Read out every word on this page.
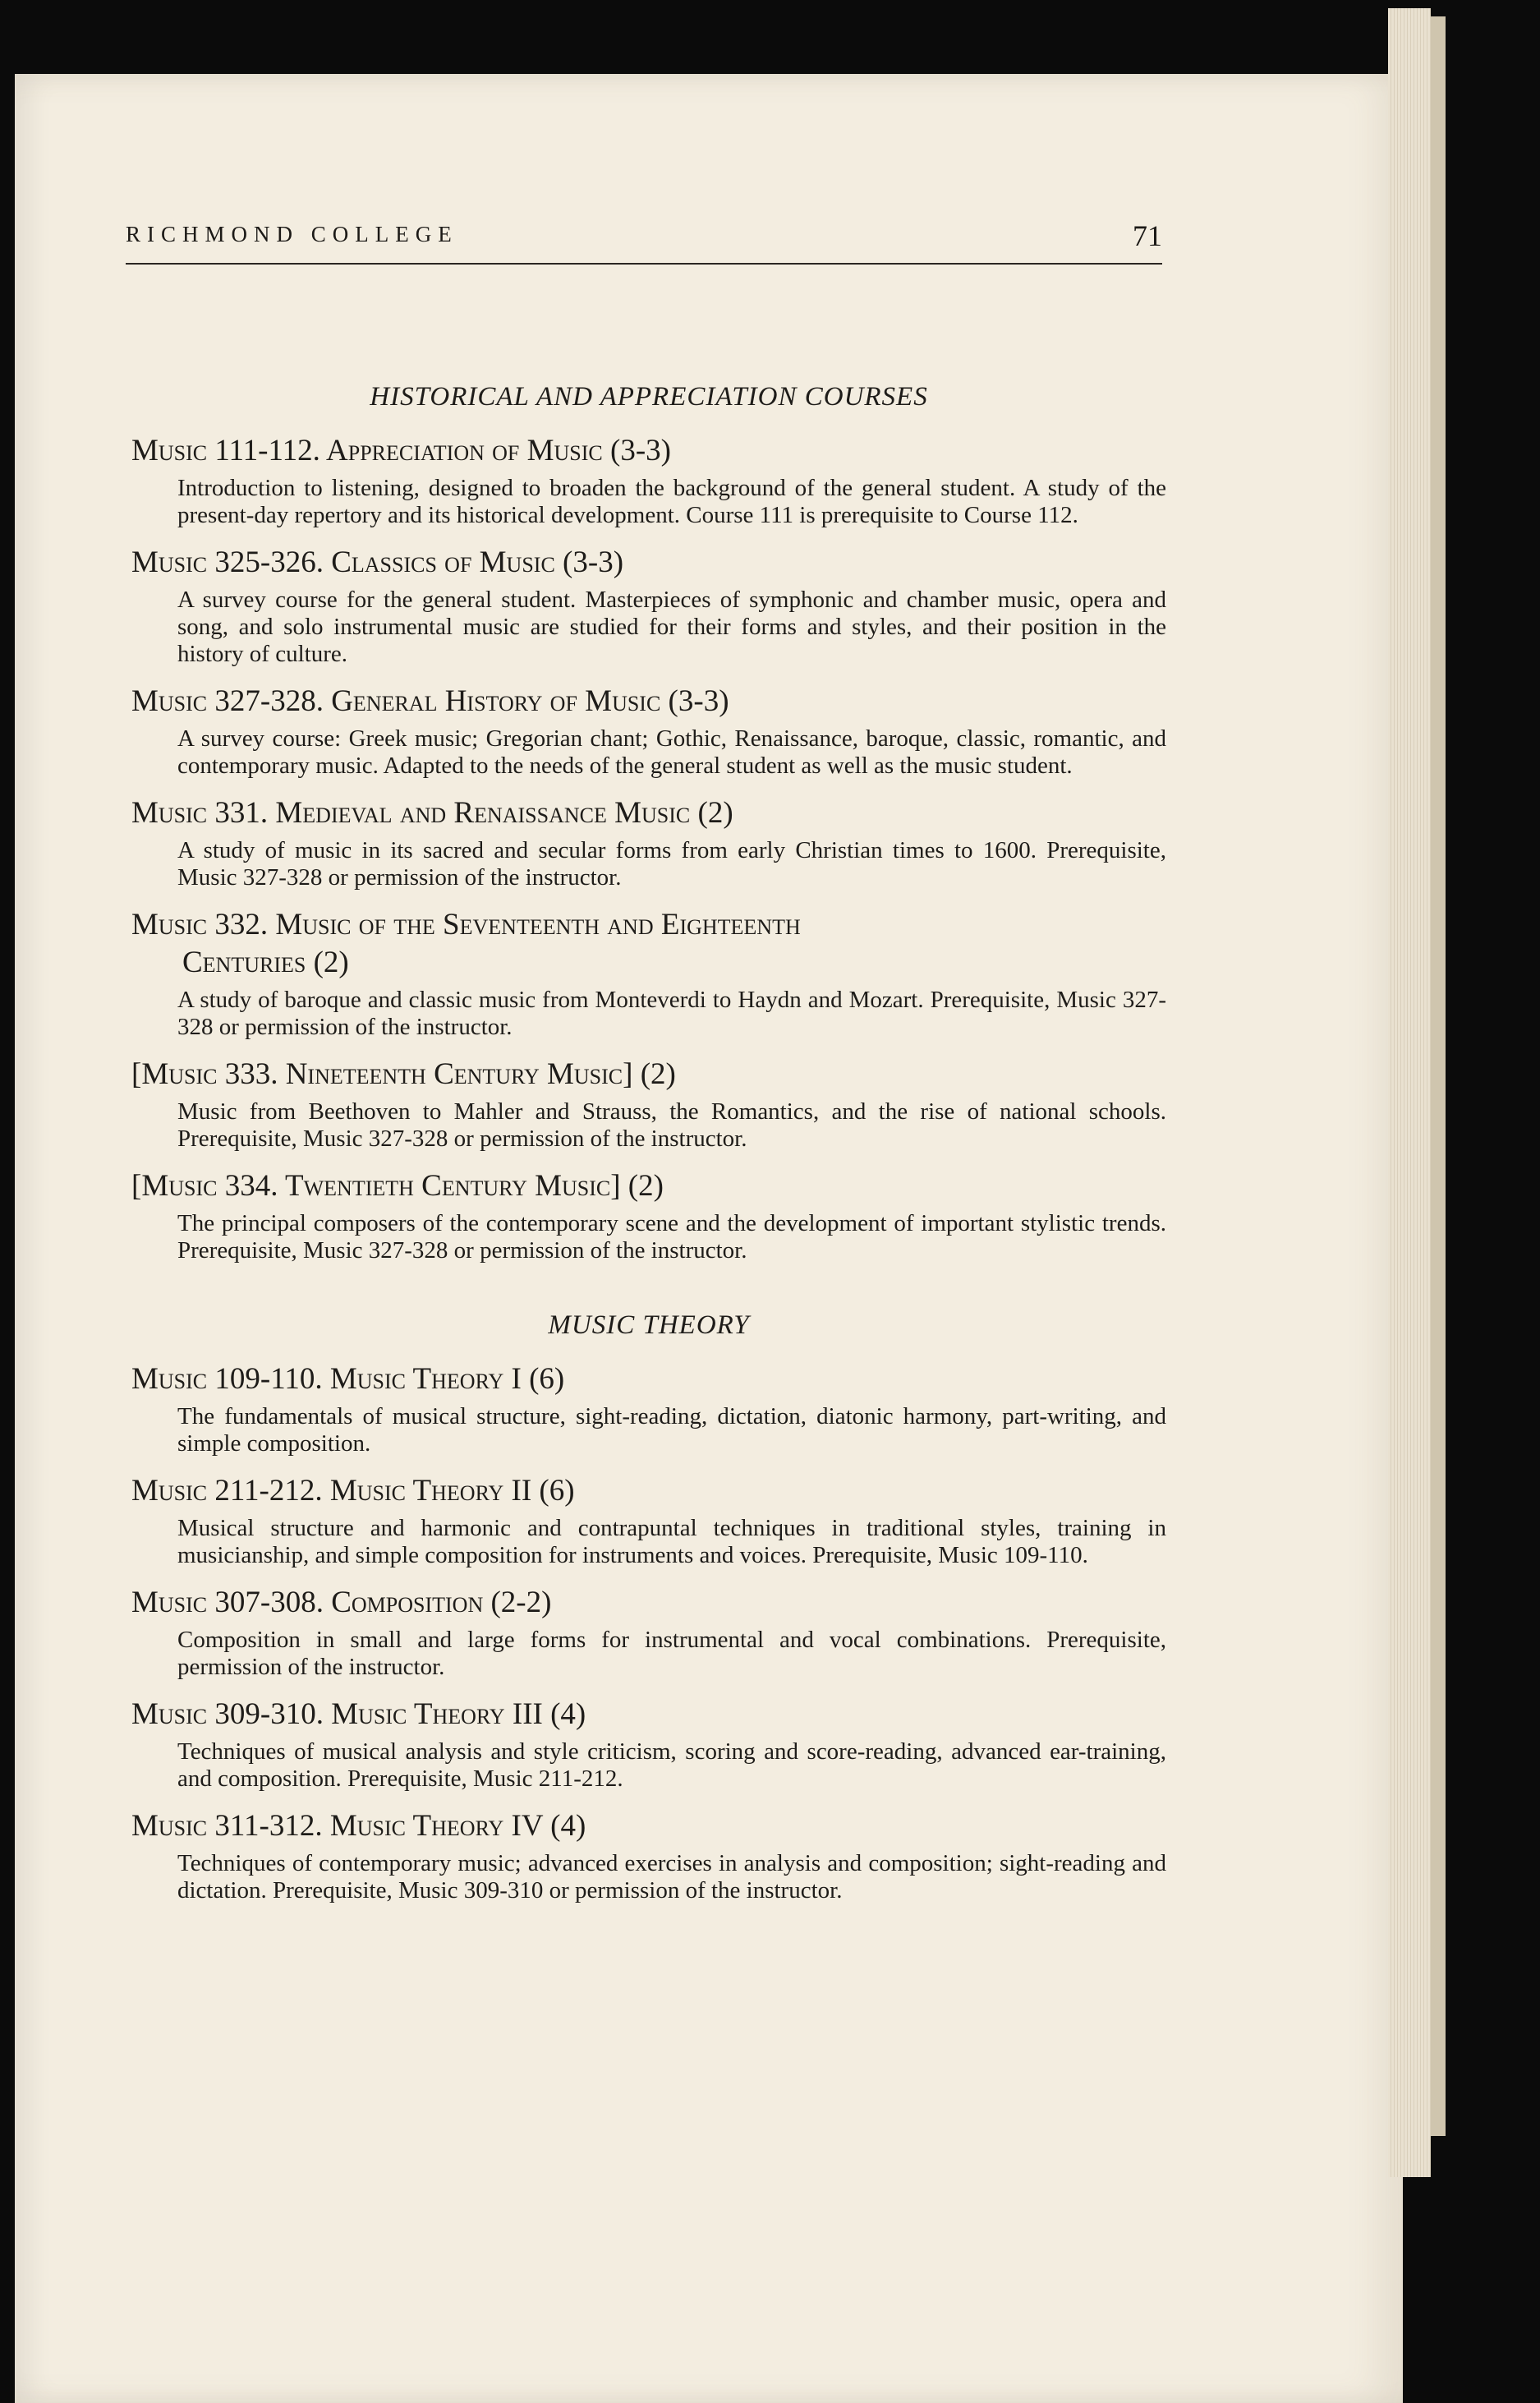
RICHMOND COLLEGE	71
HISTORICAL AND APPRECIATION COURSES

Music 111-112. Appreciation of Music (3-3)

Introduction to listening, designed to broaden the background of the general student. A study of the present-day repertory and its historical development. Course 111 is prerequisite to Course 112.

Music 325-326. Classics of Music (3-3)

A survey course for the general student. Masterpieces of symphonic and chamber music, opera and song, and solo instrumental music are studied for their forms and styles, and their position in the history of culture.

Music 327-328. General History of Music (3-3)

A survey course: Greek music; Gregorian chant; Gothic, Renaissance, baroque, classic, romantic, and contemporary music. Adapted to the needs of the general student as well as the music student.

Music 331. Medieval and Renaissance Music (2)

A study of music in its sacred and secular forms from early Christian times to 1600. Prerequisite, Music 327-328 or permission of the instructor.

Music 332. Music of the Seventeenth and Eighteenth
Centuries (2)

A study of baroque and classic music from Monteverdi to Haydn and Mozart. Prerequisite, Music 327-328 or permission of the instructor.

[Music 333. Nineteenth Century Music] (2)

Music from Beethoven to Mahler and Strauss, the Romantics, and the rise of national schools. Prerequisite, Music 327-328 or permission of the instructor.

[Music 334. Twentieth Century Music] (2)

The principal composers of the contemporary scene and the development of important stylistic trends. Prerequisite, Music 327-328 or permission of the instructor.

MUSIC THEORY

Music 109-110. Music Theory I (6)

The fundamentals of musical structure, sight-reading, dictation, diatonic harmony, part-writing, and simple composition.

Music 211-212. Music Theory II (6)

Musical structure and harmonic and contrapuntal techniques in traditional styles, training in musicianship, and simple composition for instruments and voices. Prerequisite, Music 109-110.

Music 307-308. Composition (2-2)

Composition in small and large forms for instrumental and vocal combinations. Prerequisite, permission of the instructor.

Music 309-310. Music Theory III (4)

Techniques of musical analysis and style criticism, scoring and score-reading, advanced ear-training, and composition. Prerequisite, Music 211-212.

Music 311-312. Music Theory IV (4)

Techniques of contemporary music; advanced exercises in analysis and composition; sight-reading and dictation. Prerequisite, Music 309-310 or permission of the instructor.
